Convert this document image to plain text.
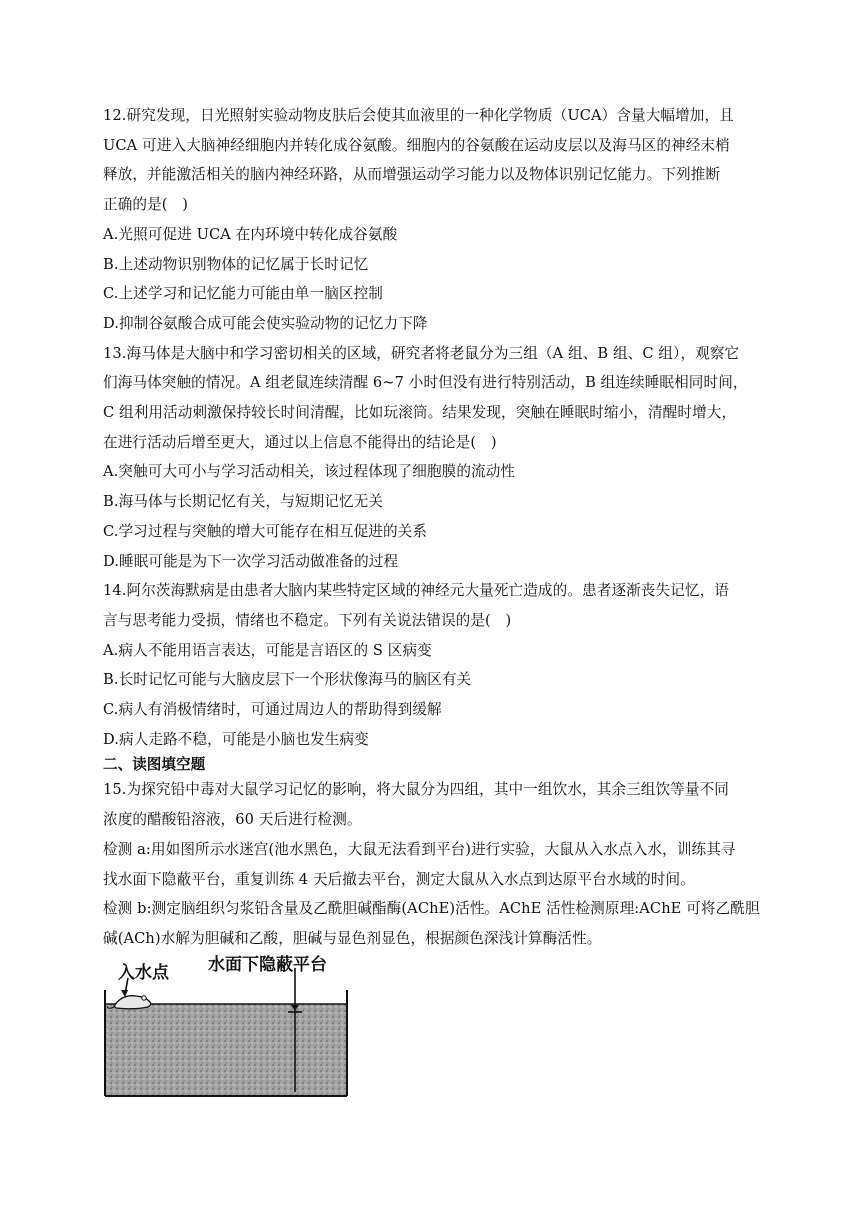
12.研究发现，日光照射实验动物皮肤后会使其血液里的一种化学物质（UCA）含量大幅增加，且
UCA 可进入大脑神经细胞内并转化成谷氨酸。细胞内的谷氨酸在运动皮层以及海马区的神经末梢
释放，并能激活相关的脑内神经环路，从而增强运动学习能力以及物体识别记忆能力。下列推断
正确的是(　)
A.光照可促进 UCA 在内环境中转化成谷氨酸
B.上述动物识别物体的记忆属于长时记忆
C.上述学习和记忆能力可能由单一脑区控制
D.抑制谷氨酸合成可能会使实验动物的记忆力下降
13.海马体是大脑中和学习密切相关的区域，研究者将老鼠分为三组（A 组、B 组、C 组），观察它
们海马体突触的情况。A 组老鼠连续清醒 6~7 小时但没有进行特别活动，B 组连续睡眠相同时间，
C 组利用活动刺激保持较长时间清醒，比如玩滚筒。结果发现，突触在睡眠时缩小，清醒时增大，
在进行活动后增至更大，通过以上信息不能得出的结论是(　)
A.突触可大可小与学习活动相关，该过程体现了细胞膜的流动性
B.海马体与长期记忆有关，与短期记忆无关
C.学习过程与突触的增大可能存在相互促进的关系
D.睡眠可能是为下一次学习活动做准备的过程
14.阿尔茨海默病是由患者大脑内某些特定区域的神经元大量死亡造成的。患者逐渐丧失记忆，语
言与思考能力受损，情绪也不稳定。下列有关说法错误的是(　)
A.病人不能用语言表达，可能是言语区的 S 区病变
B.长时记忆可能与大脑皮层下一个形状像海马的脑区有关
C.病人有消极情绪时，可通过周边人的帮助得到缓解
D.病人走路不稳，可能是小脑也发生病变
二、读图填空题
15.为探究铅中毒对大鼠学习记忆的影响，将大鼠分为四组，其中一组饮水，其余三组饮等量不同
浓度的醋酸铅溶液，60 天后进行检测。
检测 a:用如图所示水迷宫(池水黑色，大鼠无法看到平台)进行实验，大鼠从入水点入水，训练其寻
找水面下隐蔽平台，重复训练 4 天后撤去平台，测定大鼠从入水点到达原平台水域的时间。
检测 b:测定脑组织匀浆铅含量及乙酰胆碱酯酶(AChE)活性。AChE 活性检测原理:AChE 可将乙酰胆
碱(ACh)水解为胆碱和乙酸，胆碱与显色剂显色，根据颜色深浅计算酶活性。
入水点 水面下隐蔽平台
